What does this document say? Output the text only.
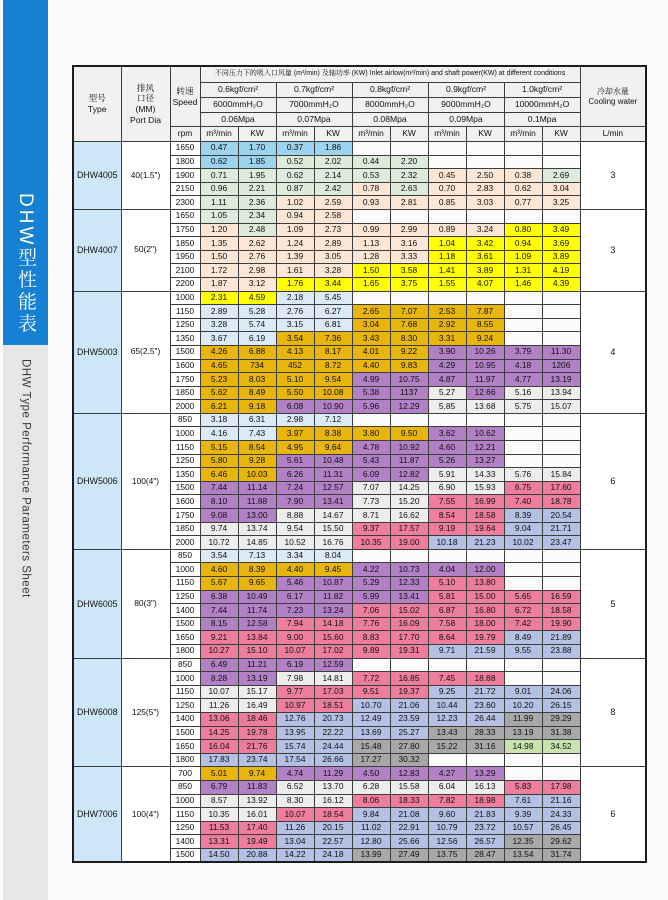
DHW型性能表
DHW Type Performance Parameters Sheet
型号
Type	排风
口径
(MM)
Port Dia	转速
Speed	不同压力下的吸入口风量 (m³/min) 及轴功率 (KW) Inlet airlow(m³/min) and shaft power(KW) at different conditions										冷却水量
Cooling water
			0.6kgf/cm²		0.7kgf/cm²		0.8kgf/cm²		0.9kgf/cm²		1.0kgf/cm²		
			6000mmH₂O		7000mmH₂O		8000mmH₂O		9000mmH₂O		10000mmH₂O		
			0.06Mpa		0.07Mpa		0.08Mpa		0.09Mpa		0.1Mpa		
		rpm	m³/min	KW	m³/min	KW	m³/min	KW	m³/min	KW	m³/min	KW	L/min
DHW4005	40(1.5")	1650	0.47	1.70	0.37	1.86							3
		1800	0.62	1.85	0.52	2.02	0.44	2.20					
		1900	0.71	1.95	0.62	2.14	0.53	2.32	0.45	2.50	0.38	2.69	
		2150	0.96	2.21	0.87	2.42	0.78	2.63	0.70	2.83	0.62	3.04	
		2300	1.11	2.36	1.02	2.59	0.93	2.81	0.85	3.03	0.77	3.25	
DHW4007	50(2")	1650	1.05	2.34	0.94	2.58							3
		1750	1.20	2.48	1.09	2.73	0.99	2.99	0.89	3.24	0.80	3.49	
		1850	1.35	2.62	1.24	2.89	1.13	3.16	1.04	3.42	0.94	3.69	
		1950	1.50	2.76	1.39	3.05	1.28	3.33	1.18	3.61	1.09	3.89	
		2100	1.72	2.98	1.61	3.28	1.50	3.58	1.41	3.89	1.31	4.19	
		2200	1.87	3.12	1.76	3.44	1.65	3.75	1.55	4.07	1.46	4.39	
DHW5003	65(2.5")	1000	2.31	4.59	2.18	5.45							4
		1150	2.89	5.28	2.76	6.27	2.65	7.07	2.53	7.87			
		1250	3.28	5.74	3.15	6.81	3.04	7.68	2.92	8.55			
		1350	3.67	6.19	3.54	7.36	3.43	8.30	3.31	9.24			
		1500	4.26	6.88	4.13	8.17	4.01	9.22	3.90	10.26	3.79	11.30	
		1600	4.65	734	452	8.72	4.40	9.83	4.29	10.95	4.18	1206	
		1750	5.23	8.03	5.10	9.54	4.99	10.75	4.87	11.97	4.77	13.19	
		1850	5.62	8.49	5.50	10.08	5.38	1137	5.27	12.66	5.16	13.94	
		2000	6.21	9.18	6.08	10.90	5.96	12.29	5.85	13.68	5.75	15.07	
DHW5006	100(4")	850	3.18	6.31	2.98	7.12							6
		1000	4.16	7.43	3.97	8.38	3.80	9.50	3.62	10.62			
		1150	5.15	8.54	4.95	9.64	4.78	10.92	4.60	12.21			
		1250	5.80	9.28	5.61	10.48	5.43	11.87	5.26	13.27			
		1350	6.46	10.03	6.26	11.31	6.09	12.82	5.91	14.33	5.76	15.84	
		1500	7.44	11.14	7.24	12.57	7.07	14.25	6.90	15.93	6.75	17.60	
		1600	8.10	11.88	7.90	13.41	7.73	15.20	7.55	16.99	7.40	18.78	
		1750	9.08	13.00	8.88	14.67	8.71	16.62	8.54	18.58	8.39	20.54	
		1850	9.74	13.74	9.54	15.50	9.37	17.57	9.19	19.64	9.04	21.71	
		2000	10.72	14.85	10.52	16.76	10.35	19.00	10.18	21.23	10.02	23.47	
DHW6005	80(3")	850	3.54	7.13	3.34	8.04							5
		1000	4.60	8.39	4.40	9.45	4.22	10.73	4.04	12.00			
		1150	5.67	9.65	5.46	10.87	5.29	12.33	5.10	13.80			
		1250	6.38	10.49	6.17	11.82	5.99	13.41	5.81	15.00	5.65	16.59	
		1400	7.44	11.74	7.23	13.24	7.06	15.02	6.87	16.80	6.72	18.58	
		1500	8.15	12.58	7.94	14.18	7.76	16.09	7.58	18.00	7.42	19.90	
		1650	9.21	13.84	9.00	15.60	8.83	17.70	8.64	19.79	8.49	21.89	
		1800	10.27	15.10	10.07	17.02	9.89	19.31	9.71	21.59	9.55	23.88	
DHW6008	125(5")	850	6.49	11.21	6.19	12.59							8
		1000	8.28	13.19	7.98	14.81	7.72	16.85	7.45	18.88			
		1150	10.07	15.17	9.77	17.03	9.51	19.37	9.25	21.72	9.01	24.06	
		1250	11.26	16.49	10.97	18.51	10.70	21.06	10.44	23.60	10.20	26.15	
		1400	13.06	18.46	12.76	20.73	12.49	23.59	12.23	26.44	11.99	29.29	
		1500	14.25	19.78	13.95	22.22	13.69	25.27	13.43	28.33	13.19	31.38	
		1650	16.04	21.76	15.74	24.44	15.48	27.80	15.22	31.16	14.98	34.52	
		1800	17.83	23.74	17.54	26.66	17.27	30.32					
DHW7006	100(4")	700	5.01	9.74	4.74	11.29	4.50	12.83	4.27	13.29			6
		850	6.79	11.83	6.52	13.70	6.28	15.58	6.04	16.13	5.83	17.98	
		1000	8.57	13.92	8.30	16.12	8.06	18.33	7.82	18.98	7.61	21.16	
		1150	10.35	16.01	10.07	18.54	9.84	21.08	9.60	21.83	9.39	24.33	
		1250	11.53	17.40	11.26	20.15	11.02	22.91	10.79	23.72	10.57	26.45	
		1400	13.31	19.49	13.04	22.57	12.80	25.66	12.56	26.57	12.35	29.62	
		1500	14.50	20.88	14.22	24.18	13.99	27.49	13.75	28.47	13.54	31.74	
